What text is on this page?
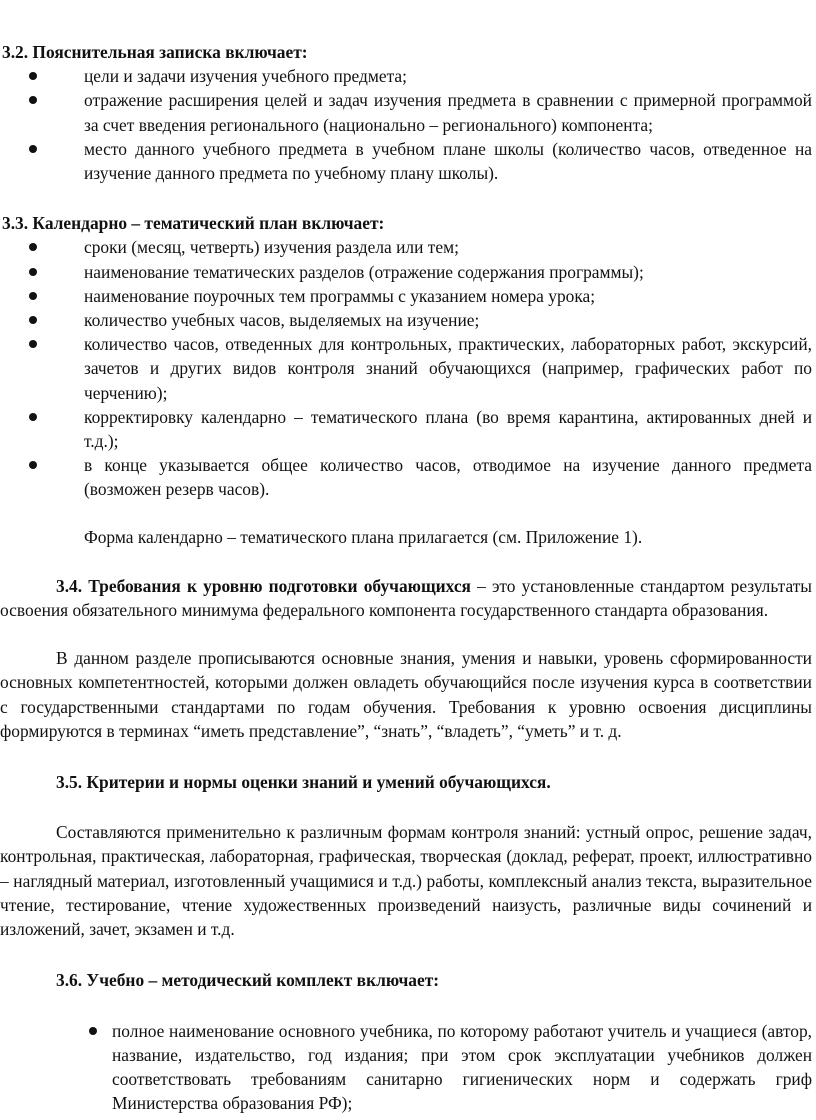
3.2. Пояснительная записка включает:

цели и задачи изучения учебного предмета;
отражение расширения целей и задач изучения предмета в сравнении с примерной программой за счет введения регионального (национально – регионального) компонента;
место данного учебного предмета в учебном плане школы (количество часов, отведенное на изучение данного предмета по учебному плану школы).

3.3. Календарно – тематический план включает:

сроки (месяц, четверть) изучения раздела или тем;
наименование тематических разделов (отражение содержания программы);
наименование поурочных тем программы с указанием номера урока;
количество учебных часов, выделяемых на изучение;
количество часов, отведенных для контрольных, практических, лабораторных работ, экскурсий, зачетов и других видов контроля знаний обучающихся (например, графических работ по черчению);
корректировку календарно – тематического плана (во время карантина, актированных дней и т.д.);
в конце указывается общее количество часов, отводимое на изучение данного предмета (возможен резерв часов).

Форма календарно – тематического плана прилагается (см. Приложение 1).

3.4. Требования к уровню подготовки обучающихся – это установленные стандартом результаты освоения обязательного минимума федерального компонента государственного стандарта образования.

В данном разделе прописываются основные знания, умения и навыки, уровень сформированности основных компетентностей, которыми должен овладеть обучающийся после изучения курса в соответствии с государственными стандартами по годам обучения. Требования к уровню освоения дисциплины формируются в терминах “иметь представление”, “знать”, “владеть”, “уметь” и т. д.

3.5. Критерии и нормы оценки знаний и умений обучающихся.

Составляются применительно к различным формам контроля знаний: устный опрос, решение задач, контрольная, практическая, лабораторная, графическая, творческая (доклад, реферат, проект, иллюстративно – наглядный материал, изготовленный учащимися и т.д.) работы, комплексный анализ текста, выразительное чтение, тестирование, чтение художественных произведений наизусть, различные виды сочинений и изложений, зачет, экзамен и т.д.

3.6. Учебно – методический комплект включает:

полное наименование основного учебника, по которому работают учитель и учащиеся (автор, название, издательство, год издания; при этом срок эксплуатации учебников должен соответствовать требованиям санитарно гигиенических норм и содержать гриф Министерства образования РФ);
